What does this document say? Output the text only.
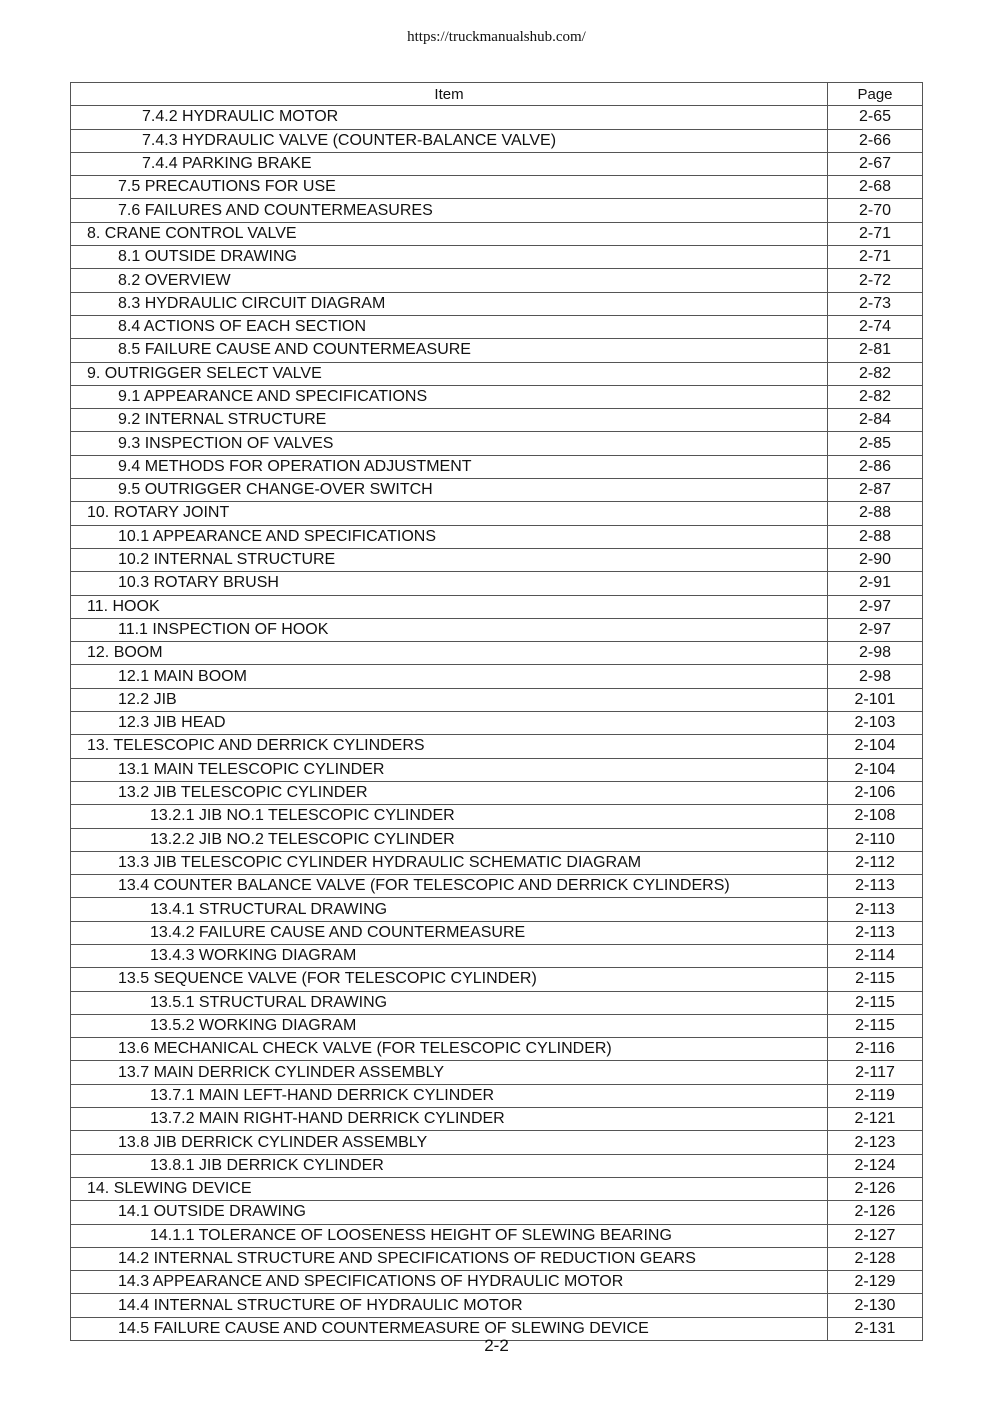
https://truckmanualshub.com/
Item	Page
7.4.2 HYDRAULIC MOTOR	2-65
7.4.3 HYDRAULIC VALVE (COUNTER-BALANCE VALVE)	2-66
7.4.4 PARKING BRAKE	2-67
7.5 PRECAUTIONS FOR USE	2-68
7.6 FAILURES AND COUNTERMEASURES	2-70
8. CRANE CONTROL VALVE	2-71
8.1 OUTSIDE DRAWING	2-71
8.2 OVERVIEW	2-72
8.3 HYDRAULIC CIRCUIT DIAGRAM	2-73
8.4 ACTIONS OF EACH SECTION	2-74
8.5 FAILURE CAUSE AND COUNTERMEASURE	2-81
9. OUTRIGGER SELECT VALVE	2-82
9.1 APPEARANCE AND SPECIFICATIONS	2-82
9.2 INTERNAL STRUCTURE	2-84
9.3 INSPECTION OF VALVES	2-85
9.4 METHODS FOR OPERATION ADJUSTMENT	2-86
9.5 OUTRIGGER CHANGE-OVER SWITCH	2-87
10. ROTARY JOINT	2-88
10.1 APPEARANCE AND SPECIFICATIONS	2-88
10.2 INTERNAL STRUCTURE	2-90
10.3 ROTARY BRUSH	2-91
11. HOOK	2-97
11.1 INSPECTION OF HOOK	2-97
12. BOOM	2-98
12.1 MAIN BOOM	2-98
12.2 JIB	2-101
12.3 JIB HEAD	2-103
13. TELESCOPIC AND DERRICK CYLINDERS	2-104
13.1 MAIN TELESCOPIC CYLINDER	2-104
13.2 JIB TELESCOPIC CYLINDER	2-106
13.2.1 JIB NO.1 TELESCOPIC CYLINDER	2-108
13.2.2 JIB NO.2 TELESCOPIC CYLINDER	2-110
13.3 JIB TELESCOPIC CYLINDER HYDRAULIC SCHEMATIC DIAGRAM	2-112
13.4 COUNTER BALANCE VALVE (FOR TELESCOPIC AND DERRICK CYLINDERS)	2-113
13.4.1 STRUCTURAL DRAWING	2-113
13.4.2 FAILURE CAUSE AND COUNTERMEASURE	2-113
13.4.3 WORKING DIAGRAM	2-114
13.5 SEQUENCE VALVE (FOR TELESCOPIC CYLINDER)	2-115
13.5.1 STRUCTURAL DRAWING	2-115
13.5.2 WORKING DIAGRAM	2-115
13.6 MECHANICAL CHECK VALVE (FOR TELESCOPIC CYLINDER)	2-116
13.7 MAIN DERRICK CYLINDER ASSEMBLY	2-117
13.7.1 MAIN LEFT-HAND DERRICK CYLINDER	2-119
13.7.2 MAIN RIGHT-HAND DERRICK CYLINDER	2-121
13.8 JIB DERRICK CYLINDER ASSEMBLY	2-123
13.8.1 JIB DERRICK CYLINDER	2-124
14. SLEWING DEVICE	2-126
14.1 OUTSIDE DRAWING	2-126
14.1.1 TOLERANCE OF LOOSENESS HEIGHT OF SLEWING BEARING	2-127
14.2 INTERNAL STRUCTURE AND SPECIFICATIONS OF REDUCTION GEARS	2-128
14.3 APPEARANCE AND SPECIFICATIONS OF HYDRAULIC MOTOR	2-129
14.4 INTERNAL STRUCTURE OF HYDRAULIC MOTOR	2-130
14.5 FAILURE CAUSE AND COUNTERMEASURE OF SLEWING DEVICE	2-131
2-2
